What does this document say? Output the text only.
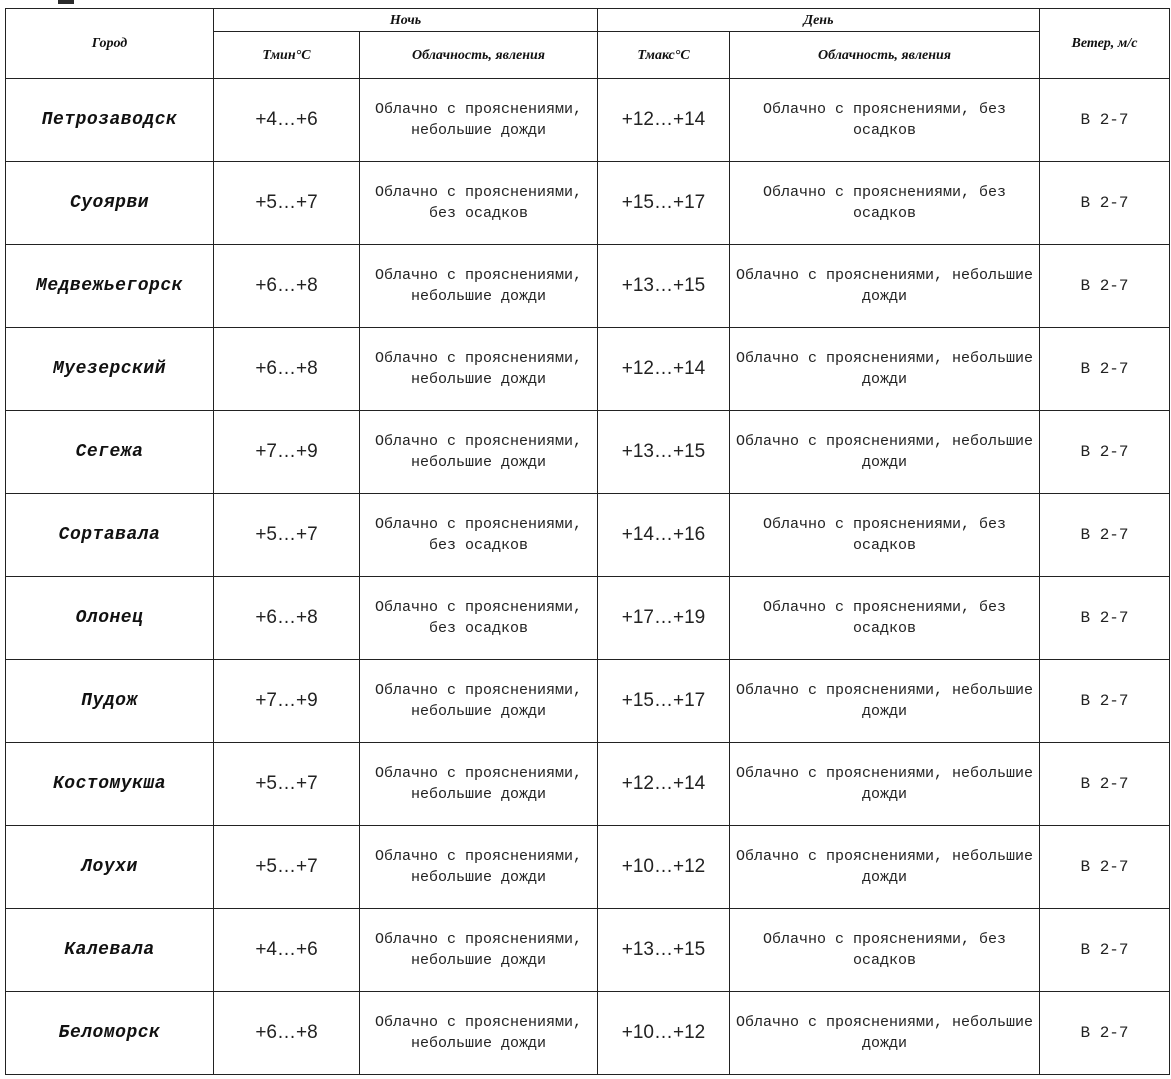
Город	Ночь		День		Ветер, м/с
	Тмин°С	Облачность, явления	Тмакс°С	Облачность, явления	
Петрозаводск	+4…+6	Облачно с прояснениями, небольшие дожди	+12…+14	Облачно с прояснениями, без осадков	В 2-7
Суоярви	+5…+7	Облачно с прояснениями, без осадков	+15…+17	Облачно с прояснениями, без осадков	В 2-7
Медвежьегорск	+6…+8	Облачно с прояснениями, небольшие дожди	+13…+15	Облачно с прояснениями, небольшие дожди	В 2-7
Муезерский	+6…+8	Облачно с прояснениями, небольшие дожди	+12…+14	Облачно с прояснениями, небольшие дожди	В 2-7
Сегежа	+7…+9	Облачно с прояснениями, небольшие дожди	+13…+15	Облачно с прояснениями, небольшие дожди	В 2-7
Сортавала	+5…+7	Облачно с прояснениями, без осадков	+14…+16	Облачно с прояснениями, без осадков	В 2-7
Олонец	+6…+8	Облачно с прояснениями, без осадков	+17…+19	Облачно с прояснениями, без осадков	В 2-7
Пудож	+7…+9	Облачно с прояснениями, небольшие дожди	+15…+17	Облачно с прояснениями, небольшие дожди	В 2-7
Костомукша	+5…+7	Облачно с прояснениями, небольшие дожди	+12…+14	Облачно с прояснениями, небольшие дожди	В 2-7
Лоухи	+5…+7	Облачно с прояснениями, небольшие дожди	+10…+12	Облачно с прояснениями, небольшие дожди	В 2-7
Калевала	+4…+6	Облачно с прояснениями, небольшие дожди	+13…+15	Облачно с прояснениями, без осадков	В 2-7
Беломорск	+6…+8	Облачно с прояснениями, небольшие дожди	+10…+12	Облачно с прояснениями, небольшие дожди	В 2-7
